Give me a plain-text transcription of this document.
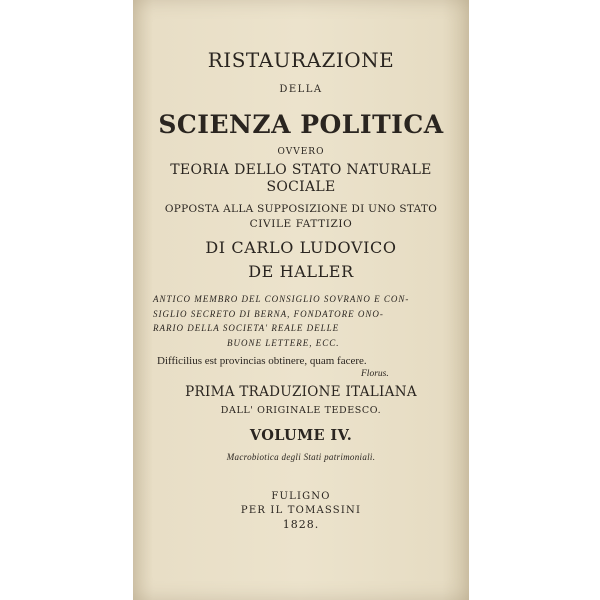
RISTAURAZIONE
DELLA
SCIENZA POLITICA
OVVERO
TEORIA DELLO STATO NATURALE
SOCIALE
OPPOSTA ALLA SUPPOSIZIONE DI UNO STATO
CIVILE FATTIZIO
DI CARLO LUDOVICO
DE HALLER
ANTICO MEMBRO DEL CONSIGLIO SOVRANO E CON-
SIGLIO SECRETO DI BERNA, FONDATORE ONO-
RARIO DELLA SOCIETA' REALE DELLE
BUONE LETTERE, ECC.
Difficilius est provincias obtinere, quam facere.
Florus.
PRIMA TRADUZIONE ITALIANA
DALL' ORIGINALE TEDESCO.
VOLUME IV.
Macrobiotica degli Stati patrimoniali.
FULIGNO
PER IL TOMASSINI
1828.
